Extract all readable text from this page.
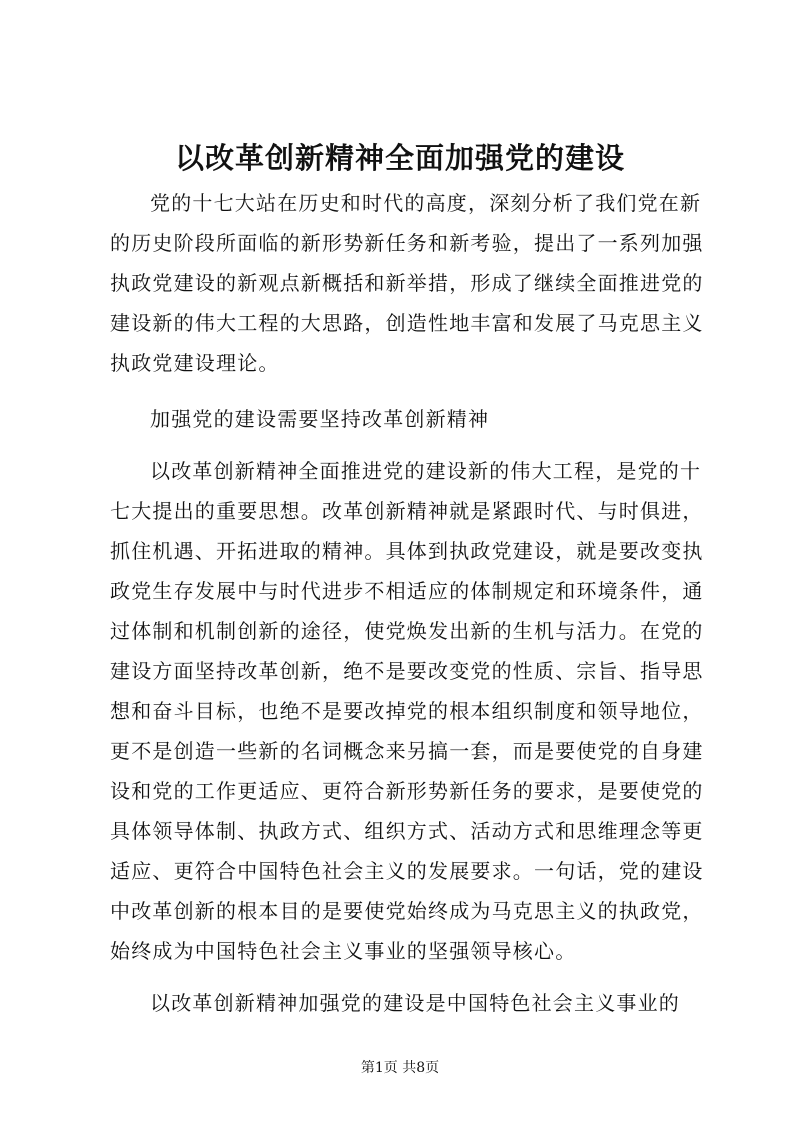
以改革创新精神全面加强党的建设

党的十七大站在历史和时代的高度，深刻分析了我们党在新
的历史阶段所面临的新形势新任务和新考验，提出了一系列加强
执政党建设的新观点新概括和新举措，形成了继续全面推进党的
建设新的伟大工程的大思路，创造性地丰富和发展了马克思主义
执政党建设理论。

加强党的建设需要坚持改革创新精神

以改革创新精神全面推进党的建设新的伟大工程，是党的十
七大提出的重要思想。改革创新精神就是紧跟时代、与时俱进，
抓住机遇、开拓进取的精神。具体到执政党建设，就是要改变执
政党生存发展中与时代进步不相适应的体制规定和环境条件，通
过体制和机制创新的途径，使党焕发出新的生机与活力。在党的
建设方面坚持改革创新，绝不是要改变党的性质、宗旨、指导思
想和奋斗目标，也绝不是要改掉党的根本组织制度和领导地位，
更不是创造一些新的名词概念来另搞一套，而是要使党的自身建
设和党的工作更适应、更符合新形势新任务的要求，是要使党的
具体领导体制、执政方式、组织方式、活动方式和思维理念等更
适应、更符合中国特色社会主义的发展要求。一句话，党的建设
中改革创新的根本目的是要使党始终成为马克思主义的执政党，
始终成为中国特色社会主义事业的坚强领导核心。

以改革创新精神加强党的建设是中国特色社会主义事业的

第1页 共8页
